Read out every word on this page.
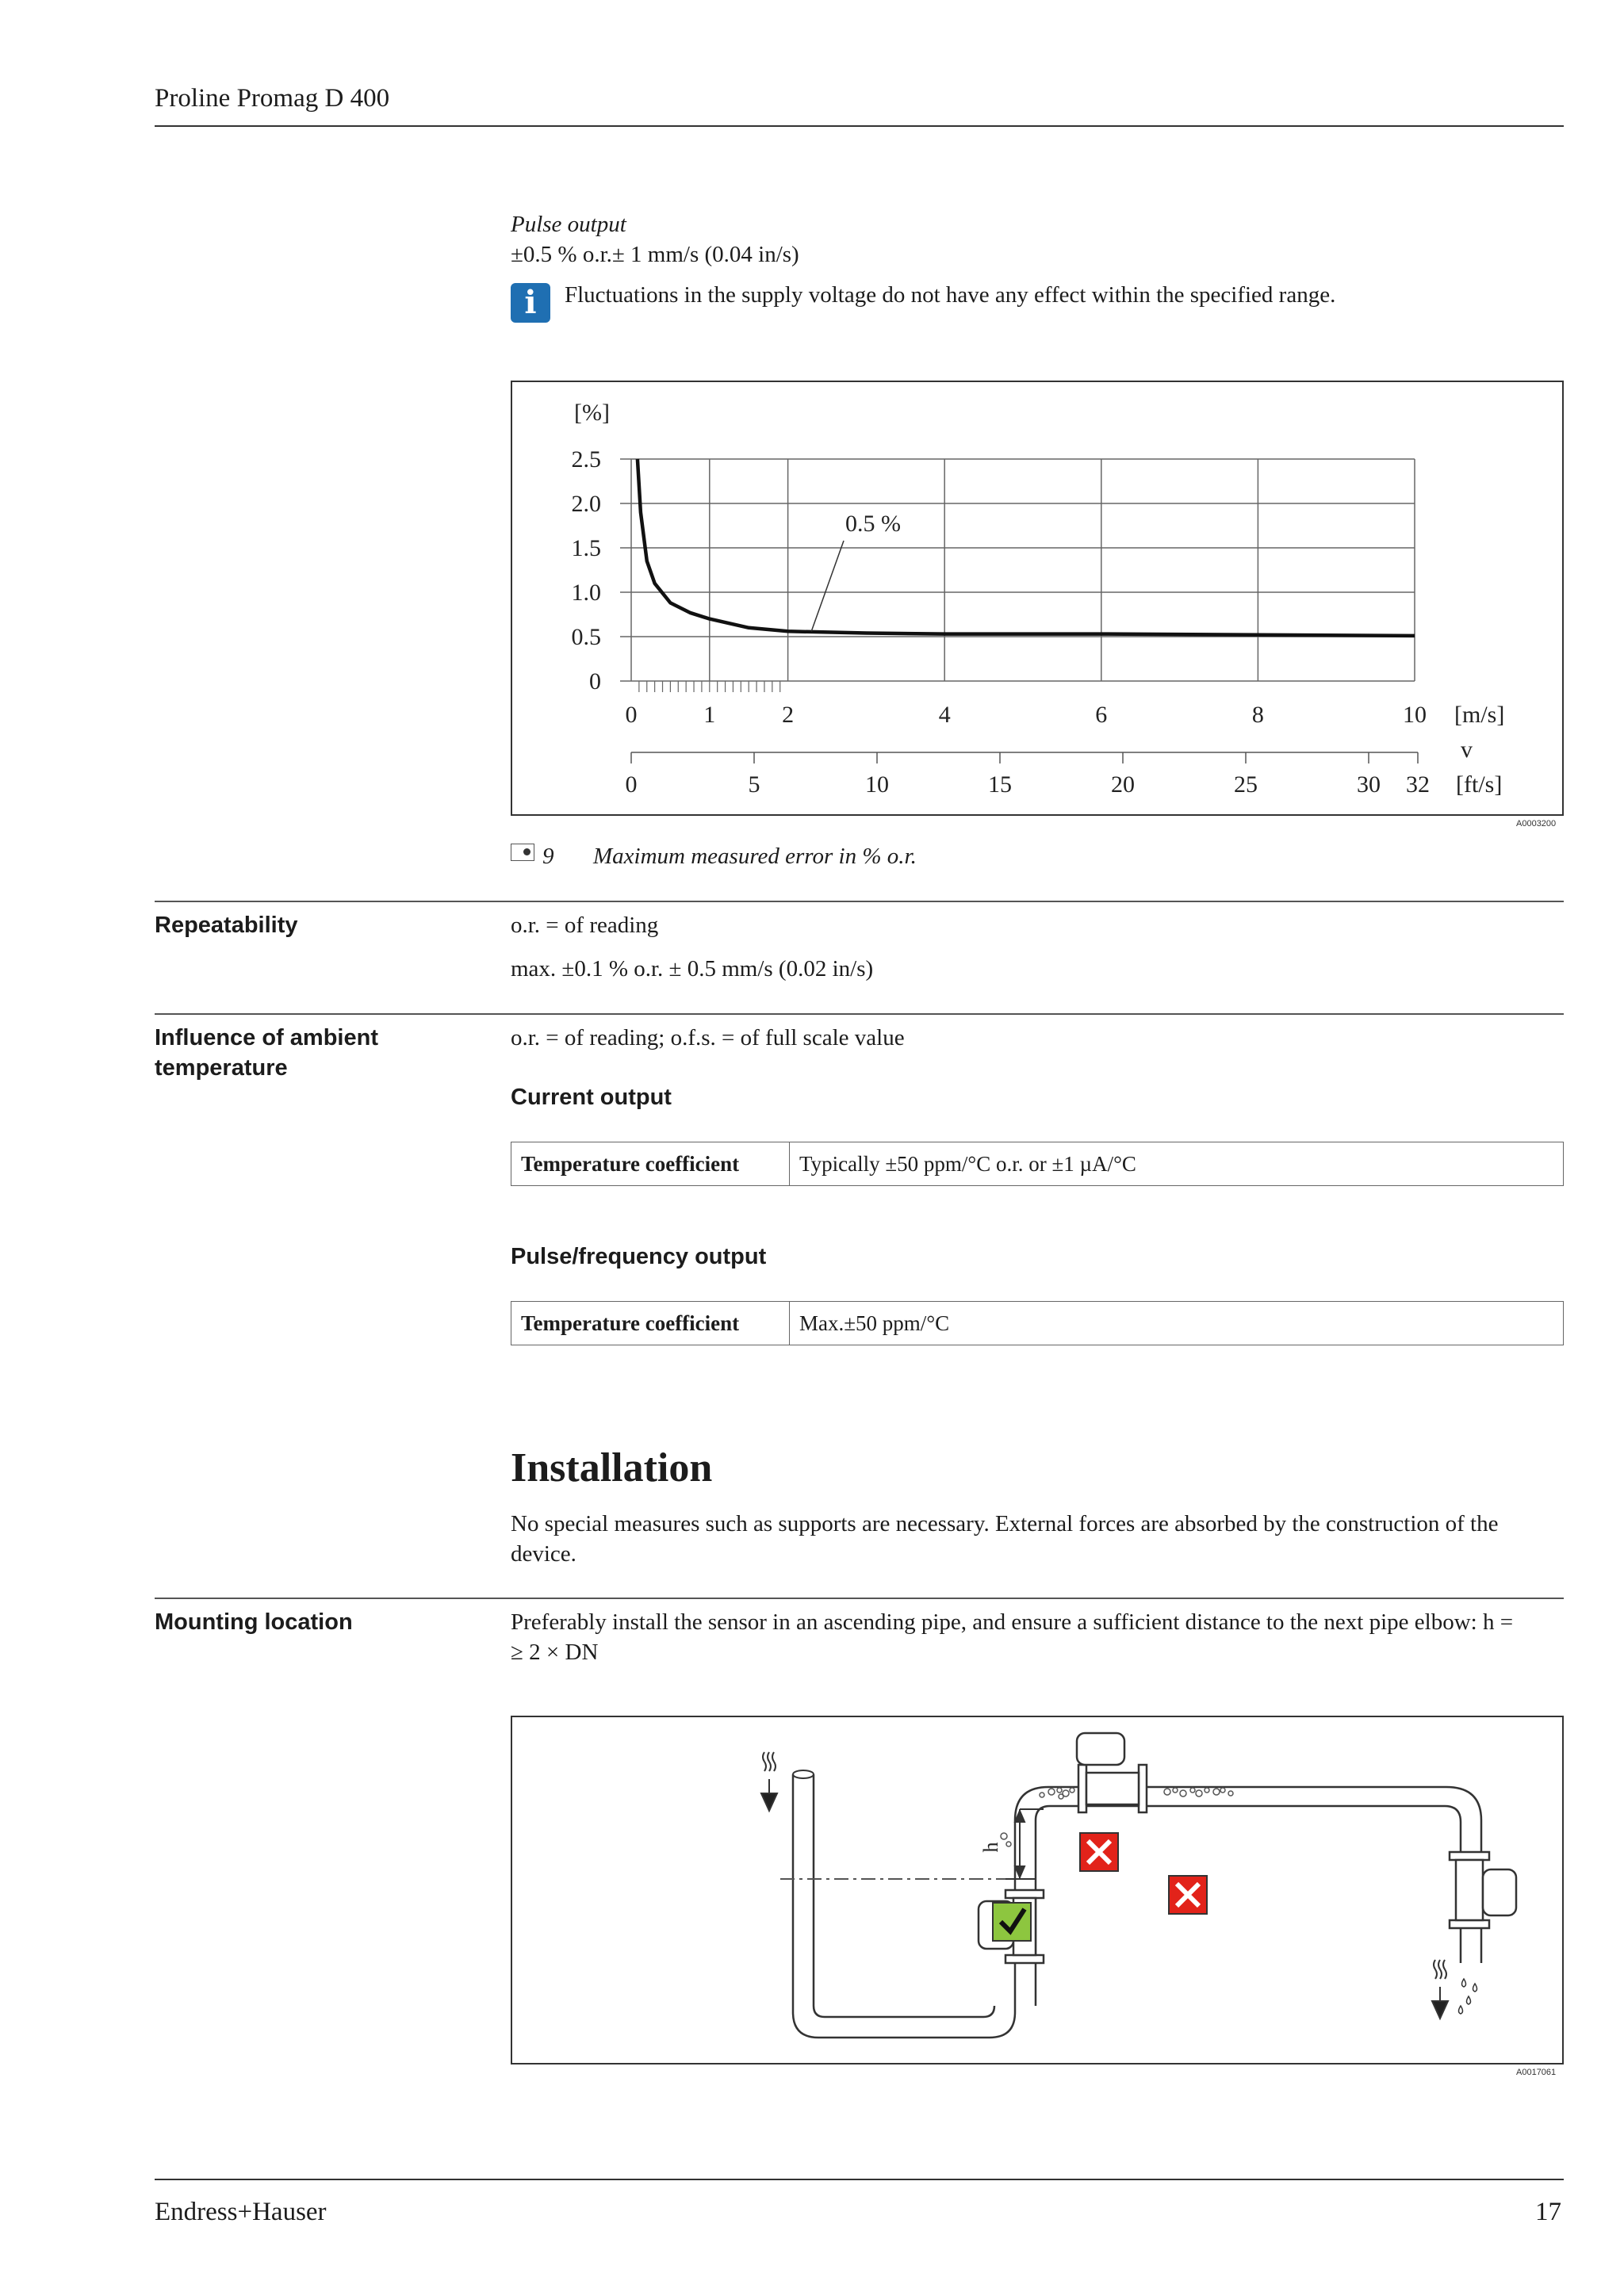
Proline Promag D 400
Pulse output
±0.5 % o.r.± 1 mm/s (0.04 in/s)
i	Fluctuations in the supply voltage do not have any effect within the specified range.
0
0.5
1.0
1.5
2.0
2.5
[%]
0	1	2	4	6	8	10 [m/s]
v
0	5	10	15	20	25	30 32 [ft/s]
0.5 %
A0003200
9 Maximum measured error in % o.r.
Repeatability	o.r. = of reading
max. ±0.1 % o.r. ± 0.5 mm/s (0.02 in/s)
Influence of ambient
temperature
o.r. = of reading; o.f.s. = of full scale value
Current output
Temperature coefficient	Typically ±50 ppm/°C o.r. or ±1 µA/°C
Pulse/frequency output
Temperature coefficient	Max.±50 ppm/°C
Installation
No special measures such as supports are necessary. External forces are absorbed by the construction of the
device.
Mounting location	Preferably install the sensor in an ascending pipe, and ensure a sufficient distance to the next pipe elbow: h =
≥ 2 × DN
h
A0017061
Endress+Hauser	17
